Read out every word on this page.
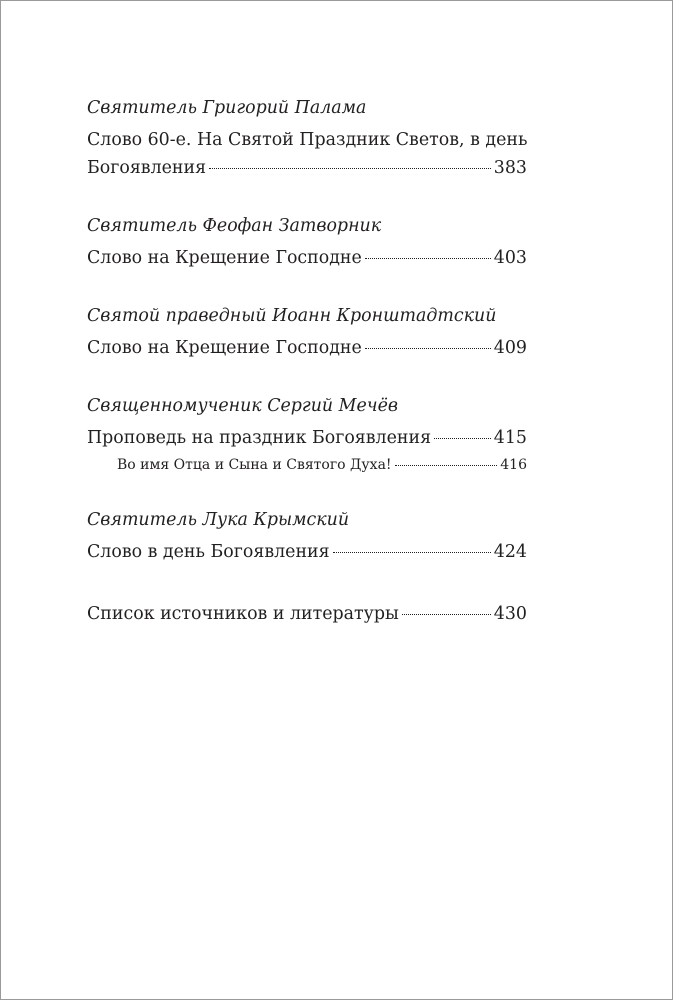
Святитель Григорий Палама
Слово 60-е. На Святой Праздник Светов, в день
Богоявления	383
Святитель Феофан Затворник
Слово на Крещение Господне	403
Святой праведный Иоанн Кронштадтский
Слово на Крещение Господне	409
Священномученик Сергий Мечёв
Проповедь на праздник Богоявления	415
Во имя Отца и Сына и Святого Духа!	416
Святитель Лука Крымский
Слово в день Богоявления	424
Список источников и литературы	430
